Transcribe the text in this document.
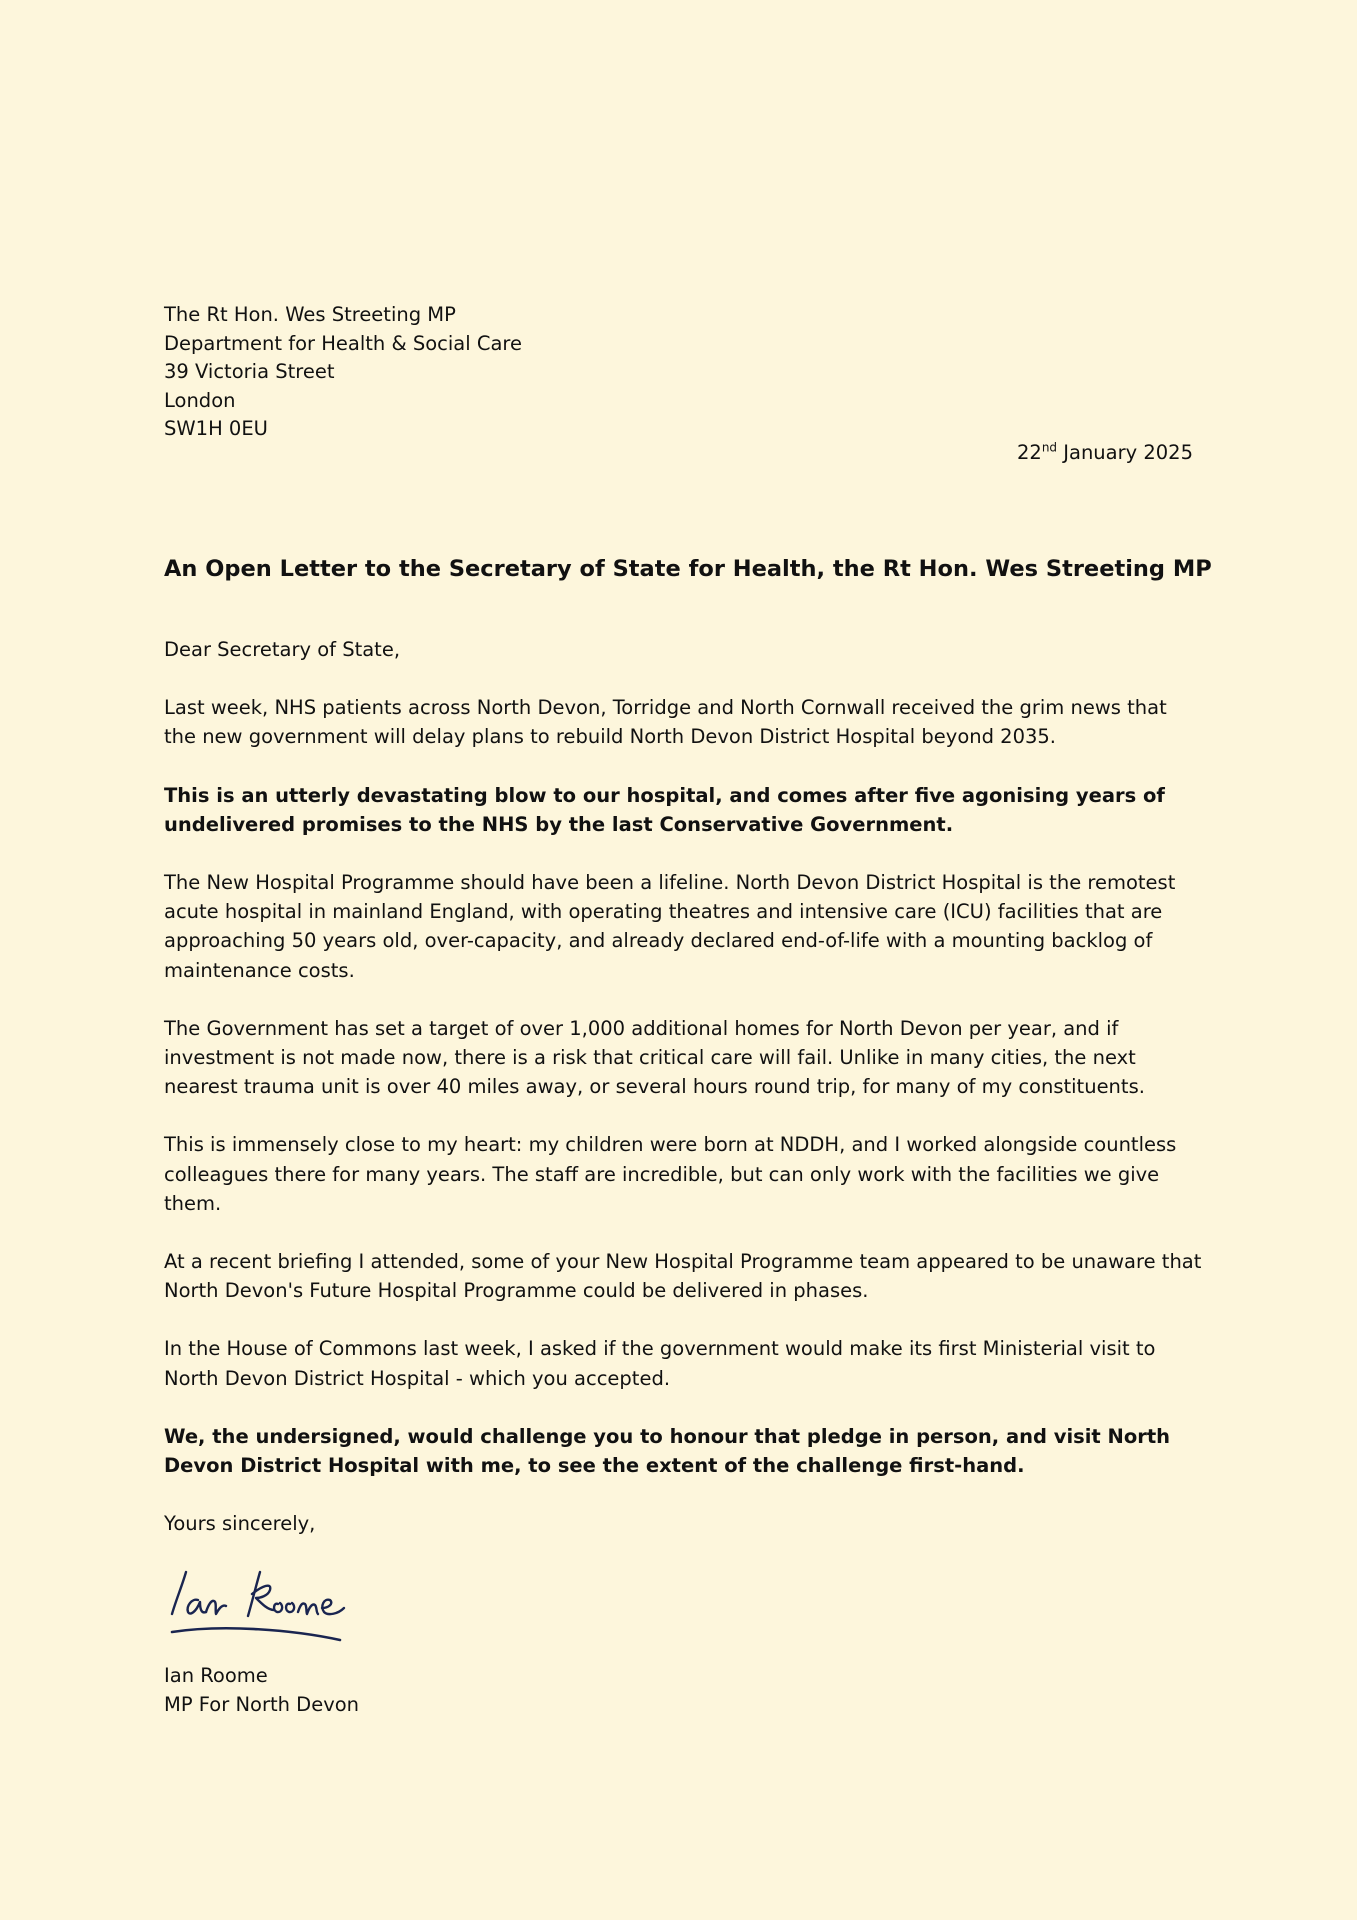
The Rt Hon. Wes Streeting MP
Department for Health & Social Care
39 Victoria Street
London
SW1H 0EU
22nd January 2025
An Open Letter to the Secretary of State for Health, the Rt Hon. Wes Streeting MP

Dear Secretary of State,

Last week, NHS patients across North Devon, Torridge and North Cornwall received the grim news that the new government will delay plans to rebuild North Devon District Hospital beyond 2035.

This is an utterly devastating blow to our hospital, and comes after five agonising years of undelivered promises to the NHS by the last Conservative Government.

The New Hospital Programme should have been a lifeline. North Devon District Hospital is the remotest acute hospital in mainland England, with operating theatres and intensive care (ICU) facilities that are approaching 50 years old, over-capacity, and already declared end-of-life with a mounting backlog of maintenance costs.

The Government has set a target of over 1,000 additional homes for North Devon per year, and if investment is not made now, there is a risk that critical care will fail. Unlike in many cities, the next nearest trauma unit is over 40 miles away, or several hours round trip, for many of my constituents.

This is immensely close to my heart: my children were born at NDDH, and I worked alongside countless colleagues there for many years. The staff are incredible, but can only work with the facilities we give them.

At a recent briefing I attended, some of your New Hospital Programme team appeared to be unaware that North Devon's Future Hospital Programme could be delivered in phases.

In the House of Commons last week, I asked if the government would make its first Ministerial visit to North Devon District Hospital - which you accepted.

We, the undersigned, would challenge you to honour that pledge in person, and visit North Devon District Hospital with me, to see the extent of the challenge first-hand.

Yours sincerely,

Ian Roome
MP For North Devon
